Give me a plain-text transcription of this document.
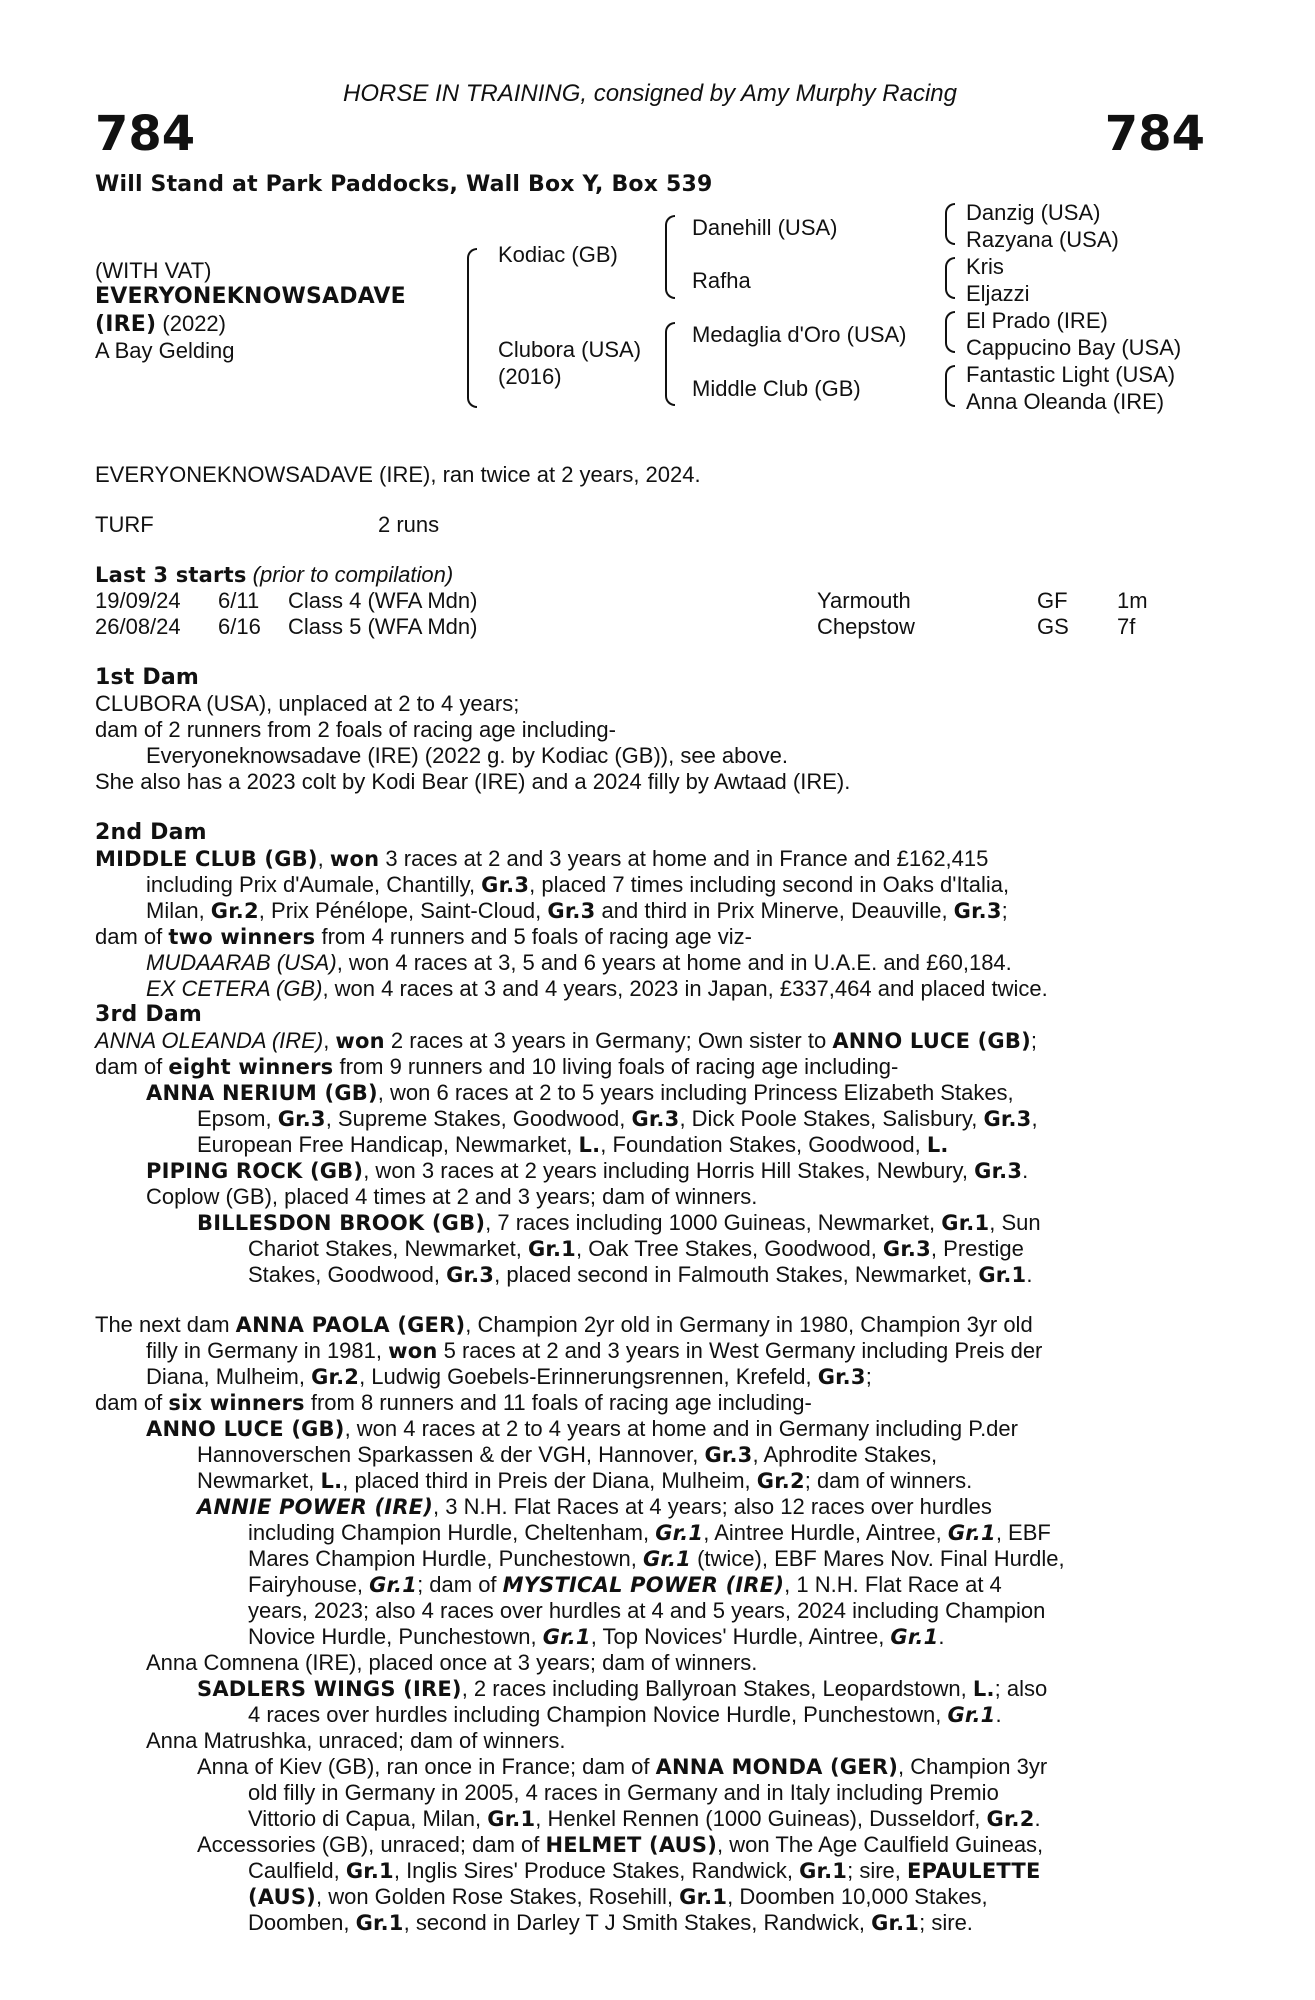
HORSE IN TRAINING, consigned by Amy Murphy Racing
784	784
Will Stand at Park Paddocks, Wall Box Y, Box 539
(WITH VAT)
EVERYONEKNOWSADAVE
(IRE) (2022)
A Bay Gelding
Kodiac (GB)
Clubora (USA)
(2016)
Danehill (USA)
Rafha
Medaglia d'Oro (USA)
Middle Club (GB)
Danzig (USA)
Razyana (USA)
Kris
Eljazzi
El Prado (IRE)
Cappucino Bay (USA)
Fantastic Light (USA)
Anna Oleanda (IRE)
EVERYONEKNOWSADAVE (IRE), ran twice at 2 years, 2024.
TURF	2 runs
Last 3 starts (prior to compilation)
19/09/24 6/11 Class 4 (WFA Mdn)	Yarmouth	GF 1m
26/08/24 6/16 Class 5 (WFA Mdn)	Chepstow	GS 7f
1st Dam
CLUBORA (USA), unplaced at 2 to 4 years;
dam of 2 runners from 2 foals of racing age including-
Everyoneknowsadave (IRE) (2022 g. by Kodiac (GB)), see above.
She also has a 2023 colt by Kodi Bear (IRE) and a 2024 filly by Awtaad (IRE).
2nd Dam
MIDDLE CLUB (GB), won 3 races at 2 and 3 years at home and in France and £162,415
including Prix d'Aumale, Chantilly, Gr.3, placed 7 times including second in Oaks d'Italia,
Milan, Gr.2, Prix Pénélope, Saint-Cloud, Gr.3 and third in Prix Minerve, Deauville, Gr.3;
dam of two winners from 4 runners and 5 foals of racing age viz-
MUDAARAB (USA), won 4 races at 3, 5 and 6 years at home and in U.A.E. and £60,184.
EX CETERA (GB), won 4 races at 3 and 4 years, 2023 in Japan, £337,464 and placed twice.
3rd Dam
ANNA OLEANDA (IRE), won 2 races at 3 years in Germany; Own sister to ANNO LUCE (GB);
dam of eight winners from 9 runners and 10 living foals of racing age including-
ANNA NERIUM (GB), won 6 races at 2 to 5 years including Princess Elizabeth Stakes,
Epsom, Gr.3, Supreme Stakes, Goodwood, Gr.3, Dick Poole Stakes, Salisbury, Gr.3,
European Free Handicap, Newmarket, L., Foundation Stakes, Goodwood, L.
PIPING ROCK (GB), won 3 races at 2 years including Horris Hill Stakes, Newbury, Gr.3.
Coplow (GB), placed 4 times at 2 and 3 years; dam of winners.
BILLESDON BROOK (GB), 7 races including 1000 Guineas, Newmarket, Gr.1, Sun
Chariot Stakes, Newmarket, Gr.1, Oak Tree Stakes, Goodwood, Gr.3, Prestige
Stakes, Goodwood, Gr.3, placed second in Falmouth Stakes, Newmarket, Gr.1.
The next dam ANNA PAOLA (GER), Champion 2yr old in Germany in 1980, Champion 3yr old
filly in Germany in 1981, won 5 races at 2 and 3 years in West Germany including Preis der
Diana, Mulheim, Gr.2, Ludwig Goebels-Erinnerungsrennen, Krefeld, Gr.3;
dam of six winners from 8 runners and 11 foals of racing age including-
ANNO LUCE (GB), won 4 races at 2 to 4 years at home and in Germany including P.der
Hannoverschen Sparkassen & der VGH, Hannover, Gr.3, Aphrodite Stakes,
Newmarket, L., placed third in Preis der Diana, Mulheim, Gr.2; dam of winners.
ANNIE POWER (IRE), 3 N.H. Flat Races at 4 years; also 12 races over hurdles
including Champion Hurdle, Cheltenham, Gr.1, Aintree Hurdle, Aintree, Gr.1, EBF
Mares Champion Hurdle, Punchestown, Gr.1 (twice), EBF Mares Nov. Final Hurdle,
Fairyhouse, Gr.1; dam of MYSTICAL POWER (IRE), 1 N.H. Flat Race at 4
years, 2023; also 4 races over hurdles at 4 and 5 years, 2024 including Champion
Novice Hurdle, Punchestown, Gr.1, Top Novices' Hurdle, Aintree, Gr.1.
Anna Comnena (IRE), placed once at 3 years; dam of winners.
SADLERS WINGS (IRE), 2 races including Ballyroan Stakes, Leopardstown, L.; also
4 races over hurdles including Champion Novice Hurdle, Punchestown, Gr.1.
Anna Matrushka, unraced; dam of winners.
Anna of Kiev (GB), ran once in France; dam of ANNA MONDA (GER), Champion 3yr
old filly in Germany in 2005, 4 races in Germany and in Italy including Premio
Vittorio di Capua, Milan, Gr.1, Henkel Rennen (1000 Guineas), Dusseldorf, Gr.2.
Accessories (GB), unraced; dam of HELMET (AUS), won The Age Caulfield Guineas,
Caulfield, Gr.1, Inglis Sires' Produce Stakes, Randwick, Gr.1; sire, EPAULETTE
(AUS), won Golden Rose Stakes, Rosehill, Gr.1, Doomben 10,000 Stakes,
Doomben, Gr.1, second in Darley T J Smith Stakes, Randwick, Gr.1; sire.
